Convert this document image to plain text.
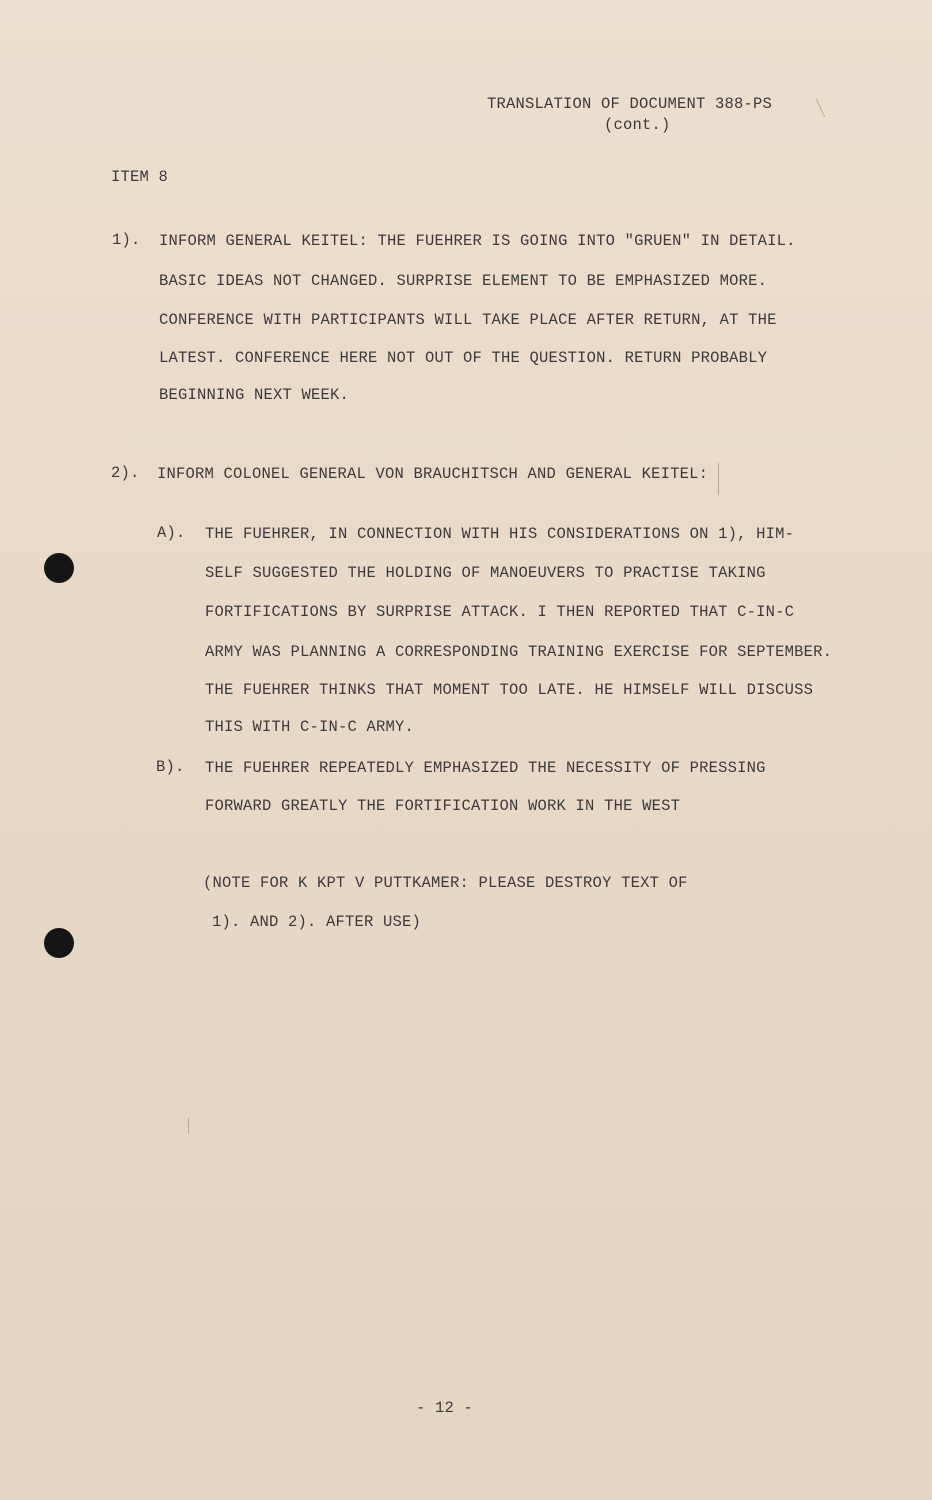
TRANSLATION OF DOCUMENT 388-PS
(cont.)
ITEM 8
1). INFORM GENERAL KEITEL: THE FUEHRER IS GOING INTO "GRUEN" IN DETAIL.
BASIC IDEAS NOT CHANGED. SURPRISE ELEMENT TO BE EMPHASIZED MORE.
CONFERENCE WITH PARTICIPANTS WILL TAKE PLACE AFTER RETURN, AT THE
LATEST. CONFERENCE HERE NOT OUT OF THE QUESTION. RETURN PROBABLY
BEGINNING NEXT WEEK.
2). INFORM COLONEL GENERAL VON BRAUCHITSCH AND GENERAL KEITEL:
A). THE FUEHRER, IN CONNECTION WITH HIS CONSIDERATIONS ON 1), HIM-
SELF SUGGESTED THE HOLDING OF MANOEUVERS TO PRACTISE TAKING
FORTIFICATIONS BY SURPRISE ATTACK. I THEN REPORTED THAT C-IN-C
ARMY WAS PLANNING A CORRESPONDING TRAINING EXERCISE FOR SEPTEMBER.
THE FUEHRER THINKS THAT MOMENT TOO LATE. HE HIMSELF WILL DISCUSS
THIS WITH C-IN-C ARMY.
B). THE FUEHRER REPEATEDLY EMPHASIZED THE NECESSITY OF PRESSING
FORWARD GREATLY THE FORTIFICATION WORK IN THE WEST
(NOTE FOR K KPT V PUTTKAMER: PLEASE DESTROY TEXT OF
1). AND 2). AFTER USE)
- 12 -
